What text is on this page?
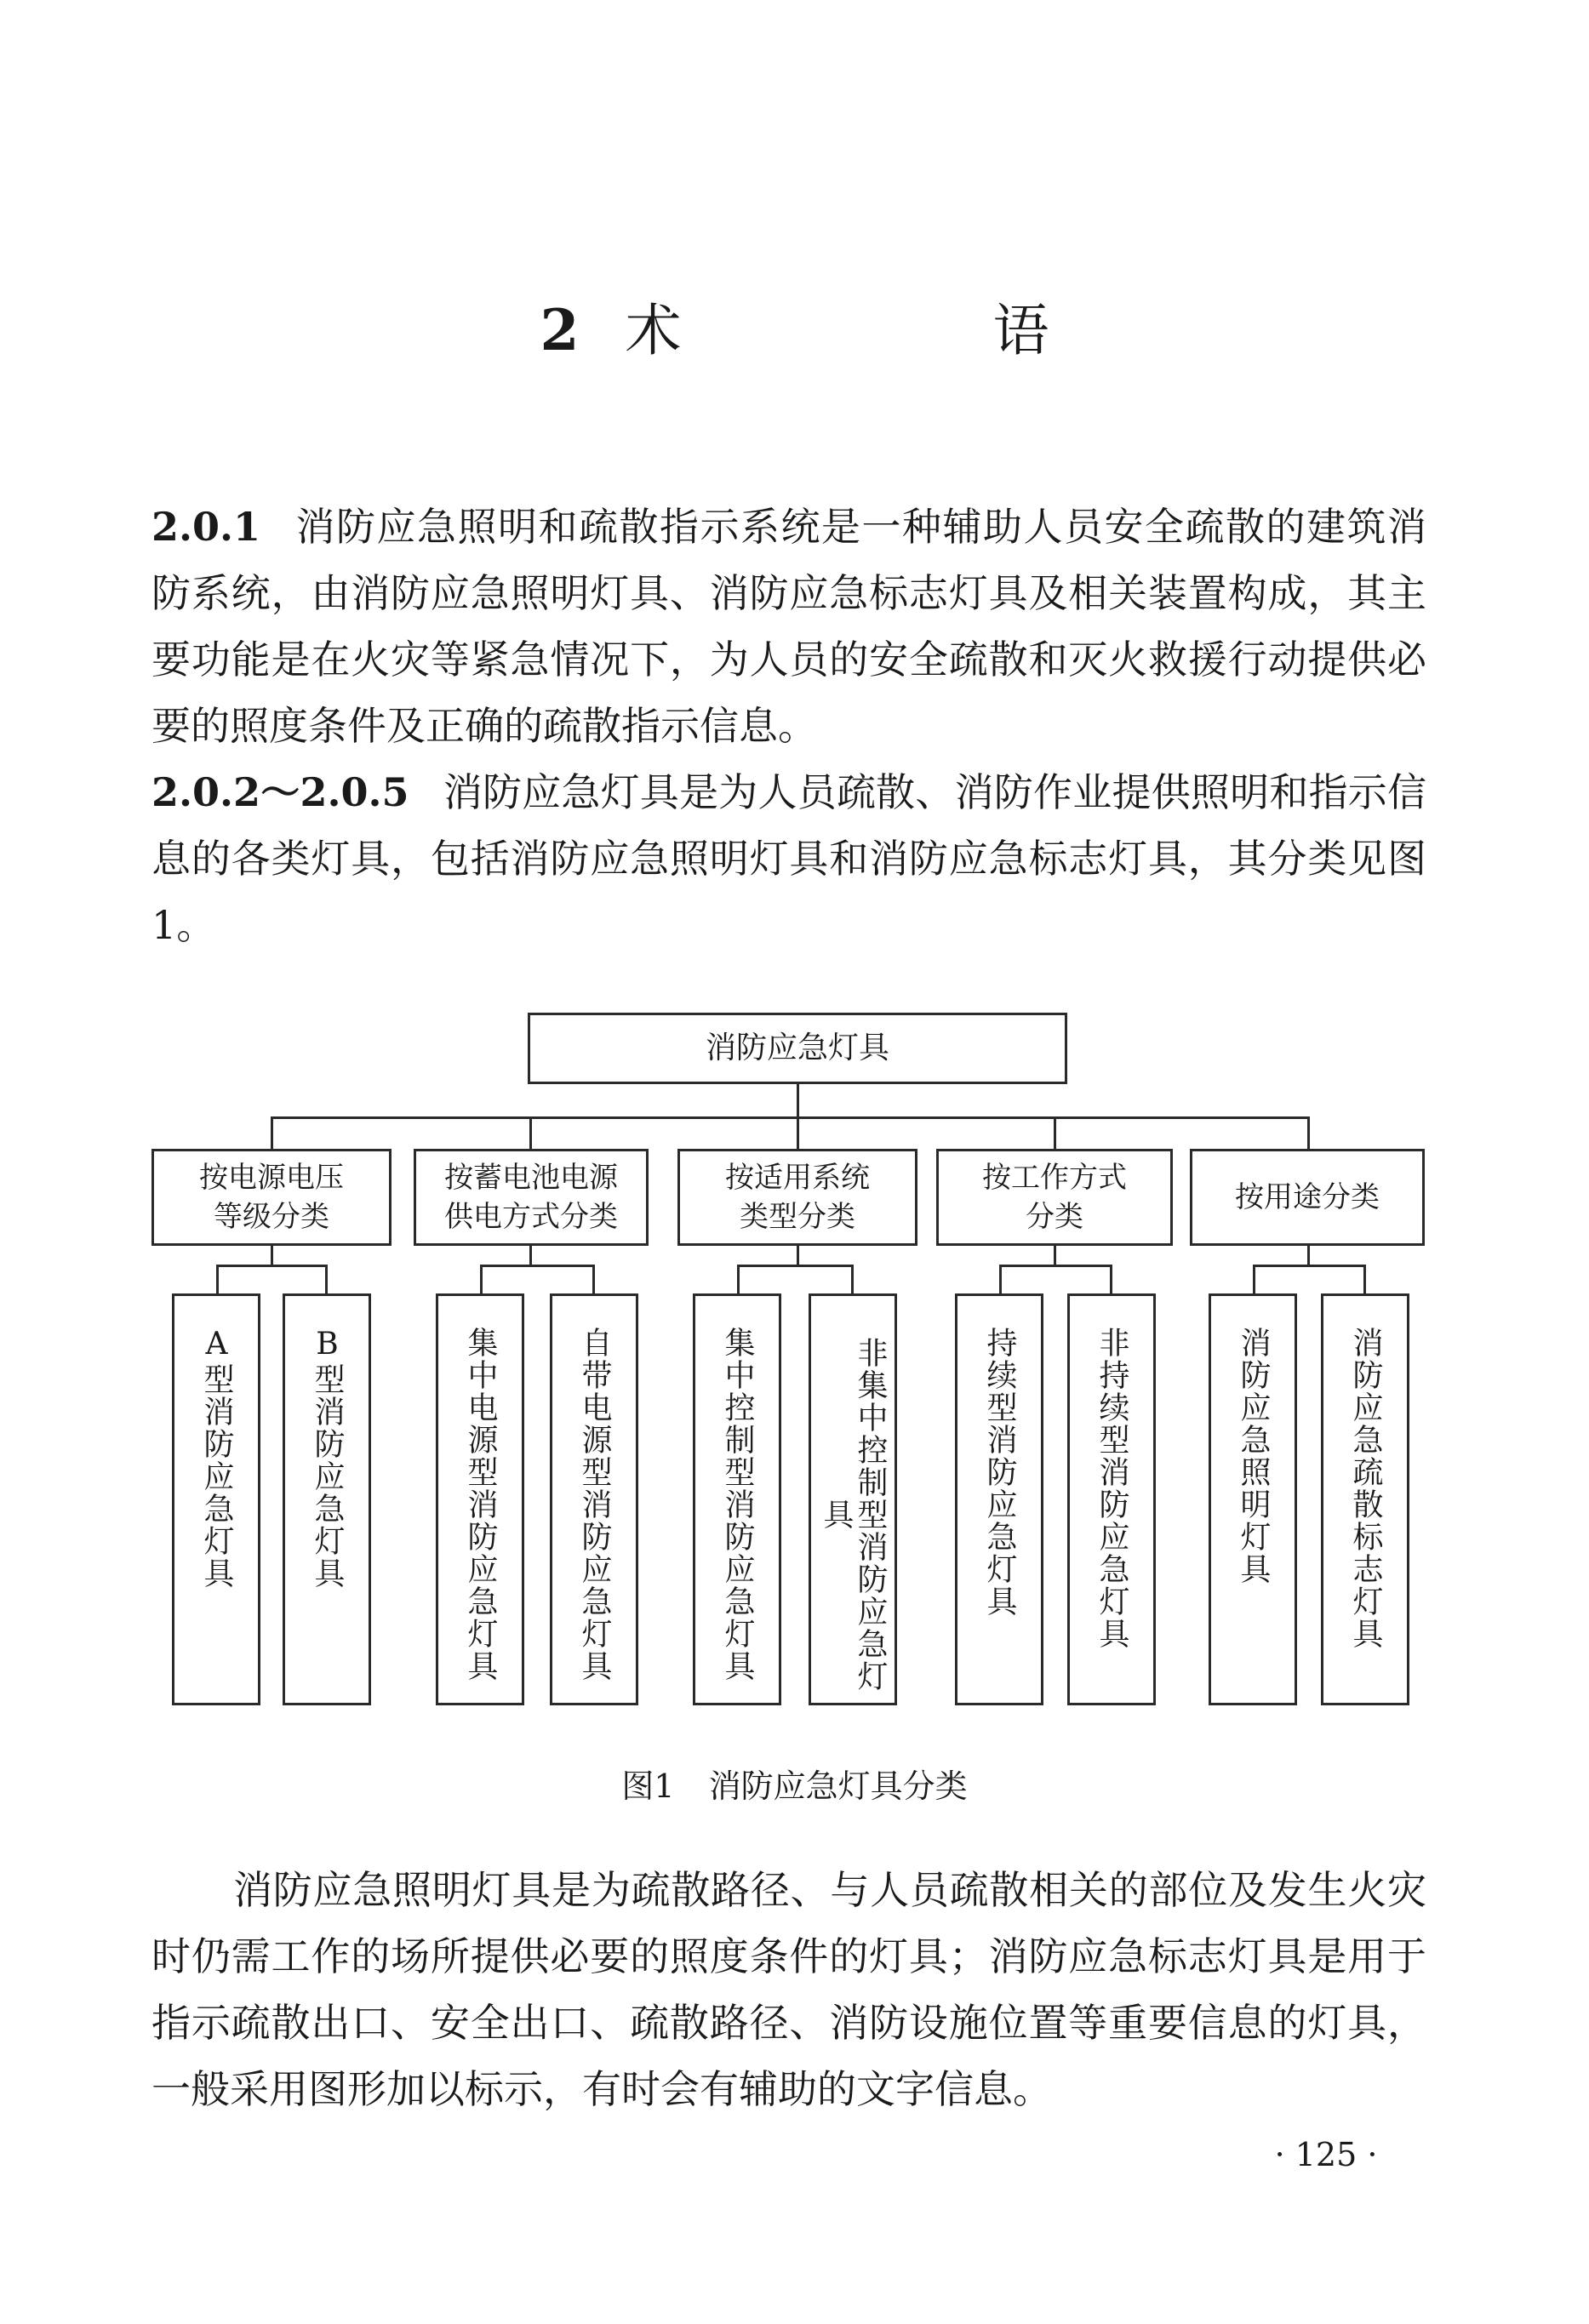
2 术　语
2.0.1 消防应急照明和疏散指示系统是一种辅助人员安全疏散的建筑消防系统，由消防应急照明灯具、消防应急标志灯具及相关装置构成，其主要功能是在火灾等紧急情况下，为人员的安全疏散和灭火救援行动提供必要的照度条件及正确的疏散指示信息。
2.0.2～2.0.5 消防应急灯具是为人员疏散、消防作业提供照明和指示信息的各类灯具，包括消防应急照明灯具和消防应急标志灯具，其分类见图1。
消防应急灯具
按电源电压
等级分类
按蓄电池电源
供电方式分类
按适用系统
类型分类
按工作方式
分类
按用途分类
A型消防应急灯具 B型消防应急灯具	集中电源型消防应急灯具	自带电源型消防应急灯具	集中控制型消防应急灯具	非集中控制型消防应急灯具	持续型消防应急灯具	非持续型消防应急灯具	消防应急照明灯具	消防应急疏散标志灯具
图1 消防应急灯具分类
消防应急照明灯具是为疏散路径、与人员疏散相关的部位及发生火灾时仍需工作的场所提供必要的照度条件的灯具；消防应急标志灯具是用于指示疏散出口、安全出口、疏散路径、消防设施位置等重要信息的灯具，一般采用图形加以标示，有时会有辅助的文字信息。
· 125 ·
